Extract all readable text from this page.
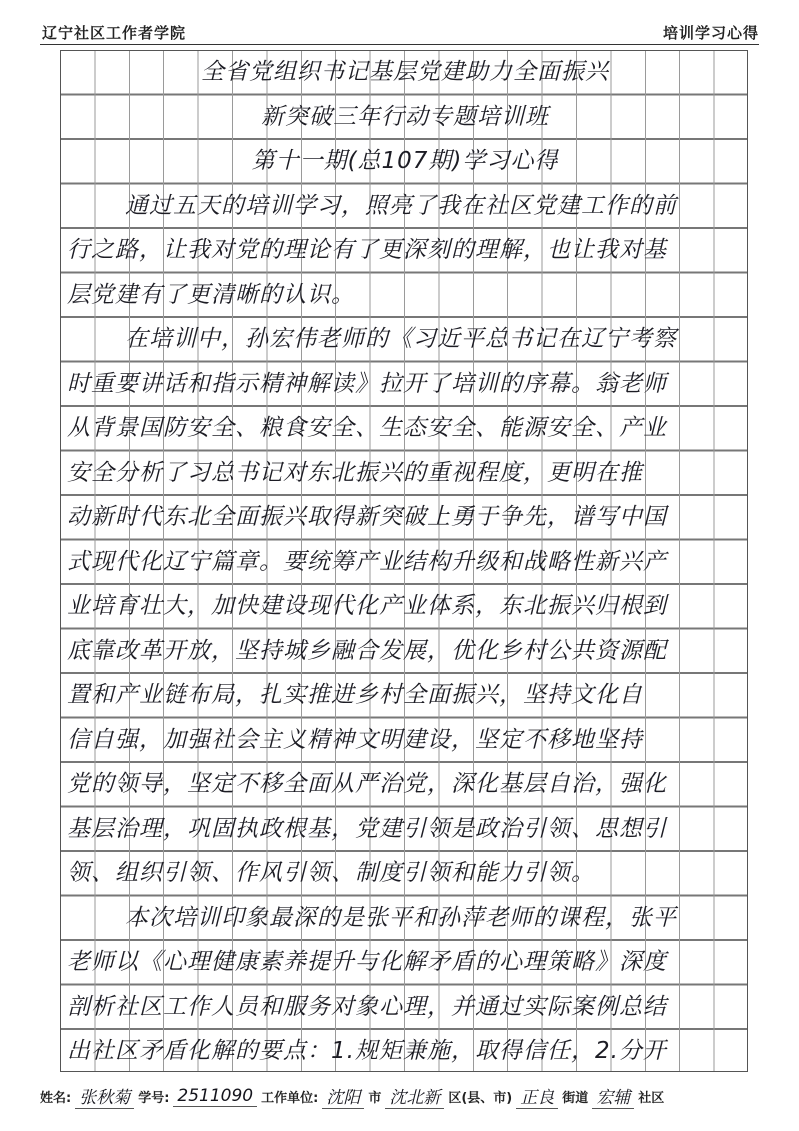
辽宁社区工作者学院	培训学习心得
全省党组织书记基层党建助力全面振兴
新突破三年行动专题培训班
第十一期(总107期)学习心得
通过五天的培训学习，照亮了我在社区党建工作的前
行之路，让我对党的理论有了更深刻的理解，也让我对基
层党建有了更清晰的认识。
在培训中，孙宏伟老师的《习近平总书记在辽宁考察
时重要讲话和指示精神解读》拉开了培训的序幕。翁老师
从背景国防安全、粮食安全、生态安全、能源安全、产业
安全分析了习总书记对东北振兴的重视程度，更明在推
动新时代东北全面振兴取得新突破上勇于争先，谱写中国
式现代化辽宁篇章。要统筹产业结构升级和战略性新兴产
业培育壮大，加快建设现代化产业体系，东北振兴归根到
底靠改革开放，坚持城乡融合发展，优化乡村公共资源配
置和产业链布局，扎实推进乡村全面振兴，坚持文化自
信自强，加强社会主义精神文明建设，坚定不移地坚持
党的领导，坚定不移全面从严治党，深化基层自治，强化
基层治理，巩固执政根基，党建引领是政治引领、思想引
领、组织引领、作风引领、制度引领和能力引领。
本次培训印象最深的是张平和孙萍老师的课程，张平
老师以《心理健康素养提升与化解矛盾的心理策略》深度
剖析社区工作人员和服务对象心理，并通过实际案例总结
出社区矛盾化解的要点：1.规矩兼施，取得信任，2.分开
姓名: 张秋菊 学号: 2511090 工作单位: 沈阳 市 沈北新 区(县、市) 正良 街道 宏辅 社区
